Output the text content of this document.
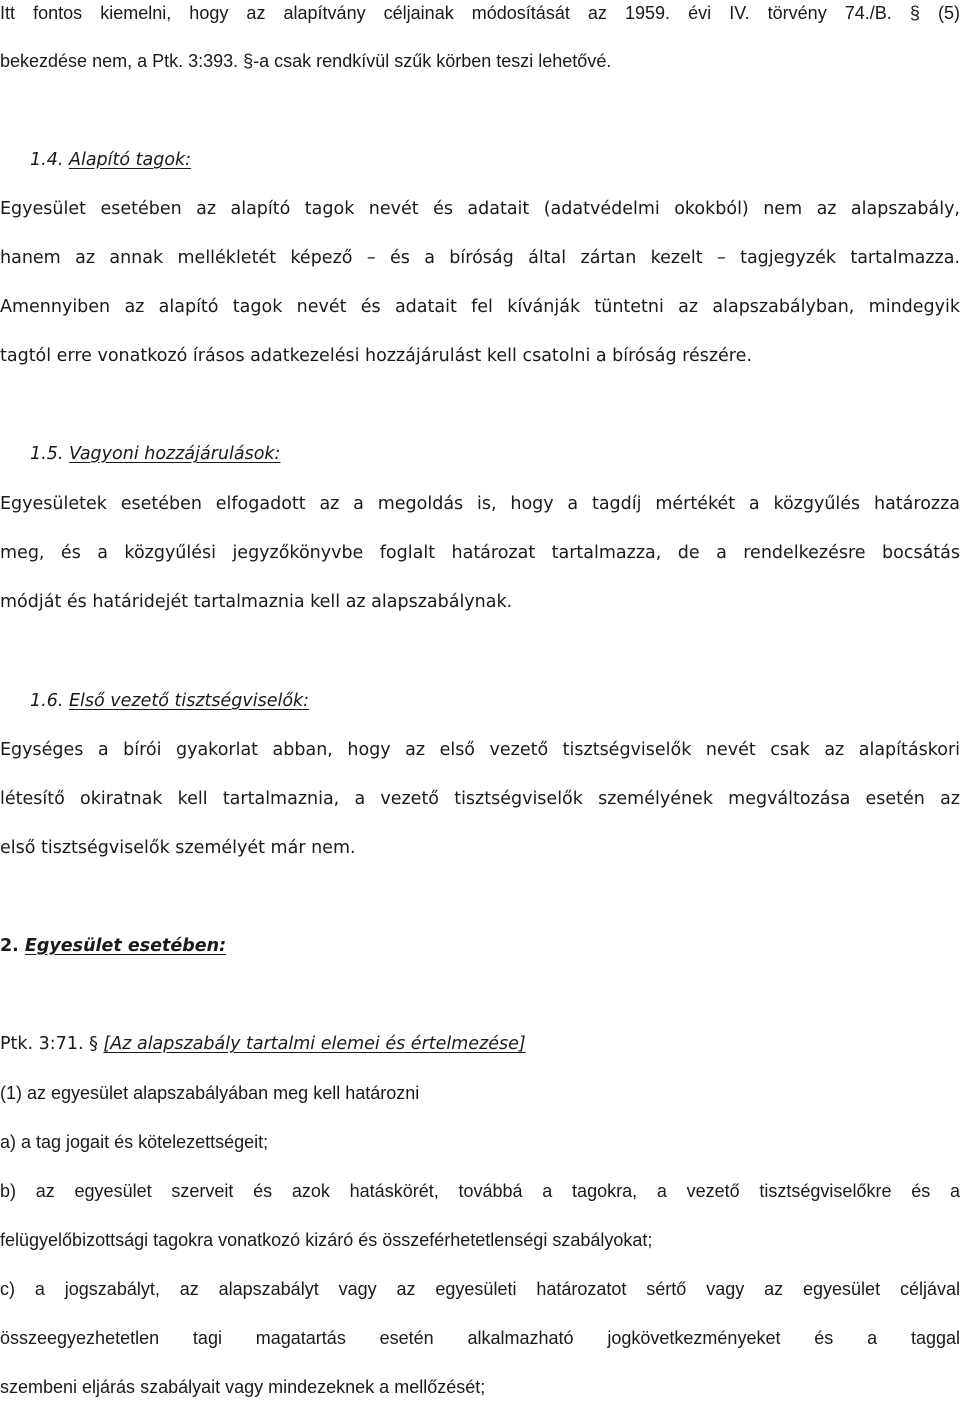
Itt fontos kiemelni, hogy az alapítvány céljainak módosítását az 1959. évi IV. törvény 74./B. § (5)
bekezdése nem, a Ptk. 3:393. §-a csak rendkívül szűk körben teszi lehetővé.
1.4. Alapító tagok:
Egyesület esetében az alapító tagok nevét és adatait (adatvédelmi okokból) nem az alapszabály,
hanem az annak mellékletét képező – és a bíróság által zártan kezelt – tagjegyzék tartalmazza.
Amennyiben az alapító tagok nevét és adatait fel kívánják tüntetni az alapszabályban, mindegyik
tagtól erre vonatkozó írásos adatkezelési hozzájárulást kell csatolni a bíróság részére.
1.5. Vagyoni hozzájárulások:
Egyesületek esetében elfogadott az a megoldás is, hogy a tagdíj mértékét a közgyűlés határozza
meg, és a közgyűlési jegyzőkönyvbe foglalt határozat tartalmazza, de a rendelkezésre bocsátás
módját és határidejét tartalmaznia kell az alapszabálynak.
1.6. Első vezető tisztségviselők:
Egységes a bírói gyakorlat abban, hogy az első vezető tisztségviselők nevét csak az alapításkori
létesítő okiratnak kell tartalmaznia, a vezető tisztségviselők személyének megváltozása esetén az
első tisztségviselők személyét már nem.
2. Egyesület esetében:
Ptk. 3:71. § [Az alapszabály tartalmi elemei és értelmezése]
(1) az egyesület alapszabályában meg kell határozni
a) a tag jogait és kötelezettségeit;
b) az egyesület szerveit és azok hatáskörét, továbbá a tagokra, a vezető tisztségviselőkre és a
felügyelőbizottsági tagokra vonatkozó kizáró és összeférhetetlenségi szabályokat;
c) a jogszabályt, az alapszabályt vagy az egyesületi határozatot sértő vagy az egyesület céljával
összeegyezhetetlen tagi magatartás esetén alkalmazható jogkövetkezményeket és a taggal
szembeni eljárás szabályait vagy mindezeknek a mellőzését;
